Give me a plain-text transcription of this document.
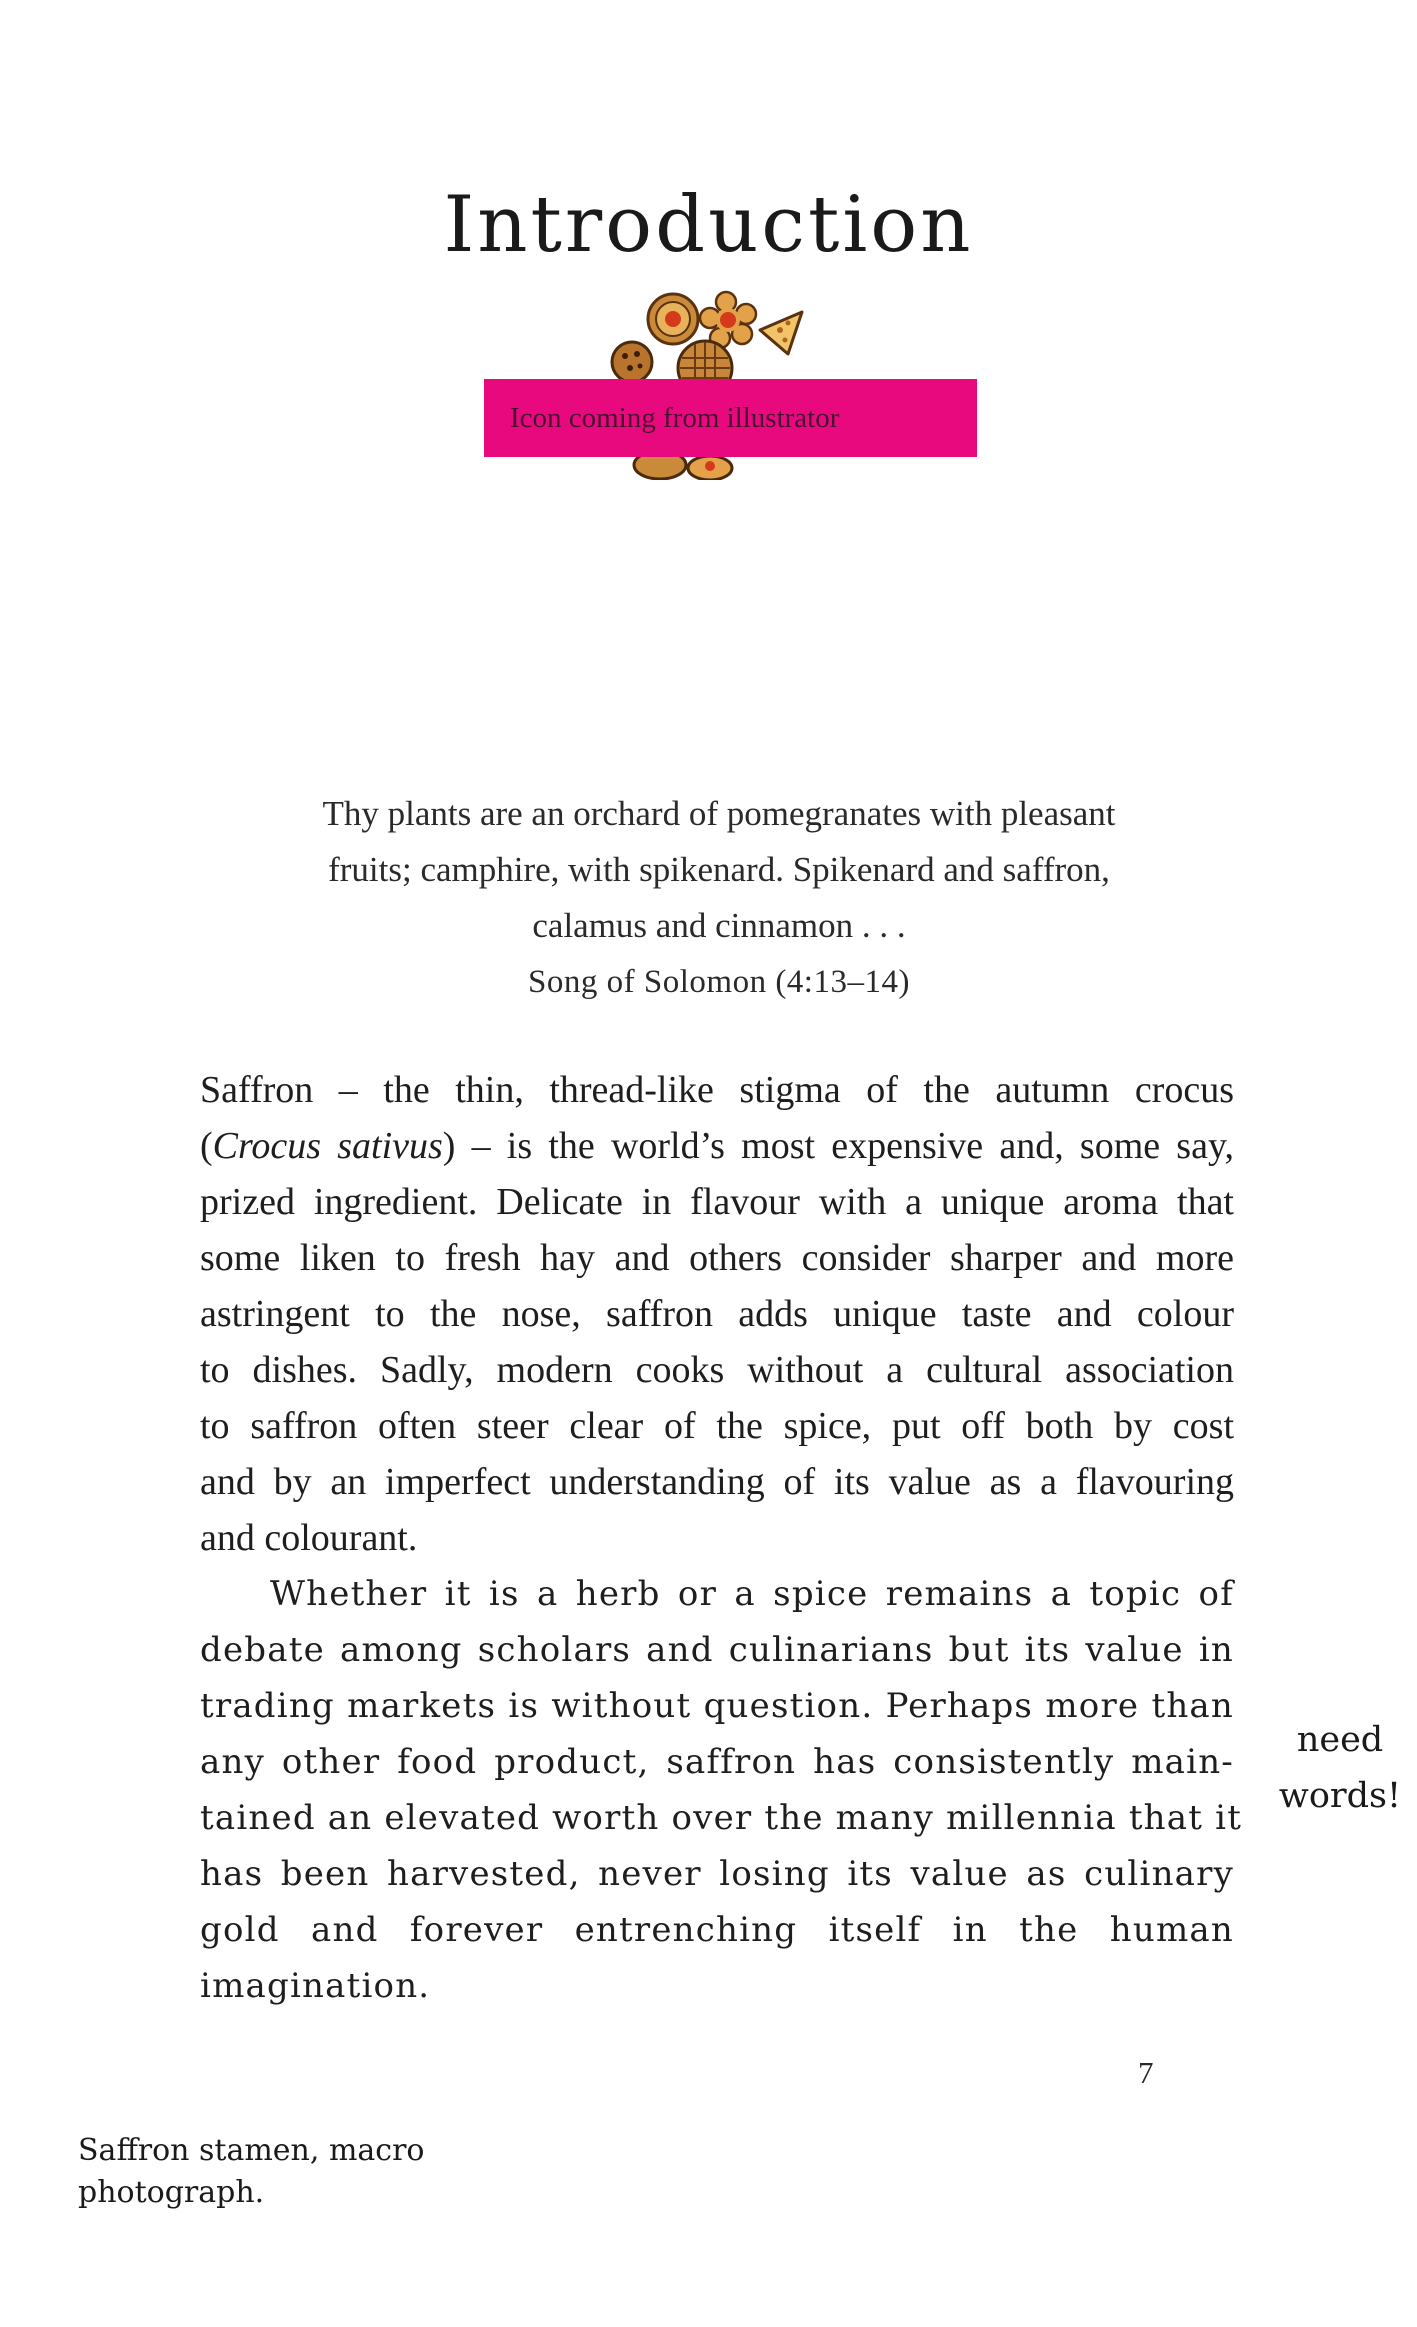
Introduction
Icon coming from illustrator
Thy plants are an orchard of pomegranates with pleasant
fruits; camphire, with spikenard. Spikenard and saffron,
calamus and cinnamon . . .
Song of Solomon (4:13–14)
Saffron – the thin, thread-like stigma of the autumn crocus
(Crocus sativus) – is the world’s most expensive and, some say,
prized ingredient. Delicate in flavour with a unique aroma that
some liken to fresh hay and others consider sharper and more
astringent to the nose, saffron adds unique taste and colour
to dishes. Sadly, modern cooks without a cultural association
to saffron often steer clear of the spice, put off both by cost
and by an imperfect understanding of its value as a flavouring
and colourant.
Whether it is a herb or a spice remains a topic of
debate among scholars and culinarians but its value in
trading markets is without question. Perhaps more than
any other food product, saffron has consistently main-
tained an elevated worth over the many millennia that it
has been harvested, never losing its value as culinary
gold and forever entrenching itself in the human
imagination.
need
words!
7
Saffron stamen, macro
photograph.
